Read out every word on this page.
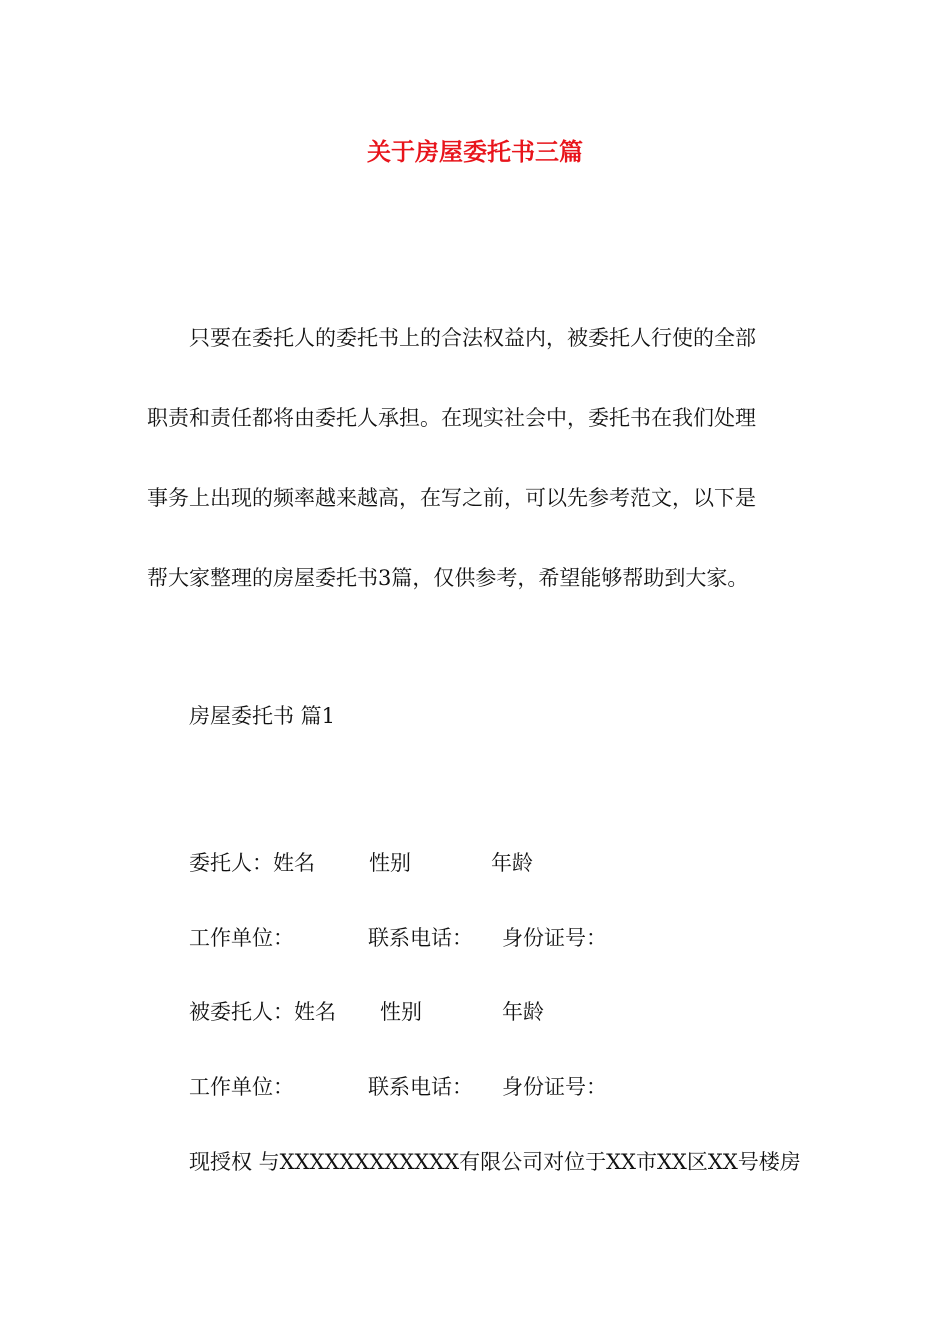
关于房屋委托书三篇
只要在委托人的委托书上的合法权益内，被委托人行使的全部
职责和责任都将由委托人承担。在现实社会中，委托书在我们处理
事务上出现的频率越来越高，在写之前，可以先参考范文，以下是
帮大家整理的房屋委托书3篇，仅供参考，希望能够帮助到大家。
房屋委托书 篇1
委托人：姓名	性别	年龄
工作单位：	联系电话： 身份证号：
被委托人：姓名 性别	年龄
工作单位：	联系电话： 身份证号：
现授权 与XXXXXXXXXXXX有限公司对位于XX市XX区XX号楼房
